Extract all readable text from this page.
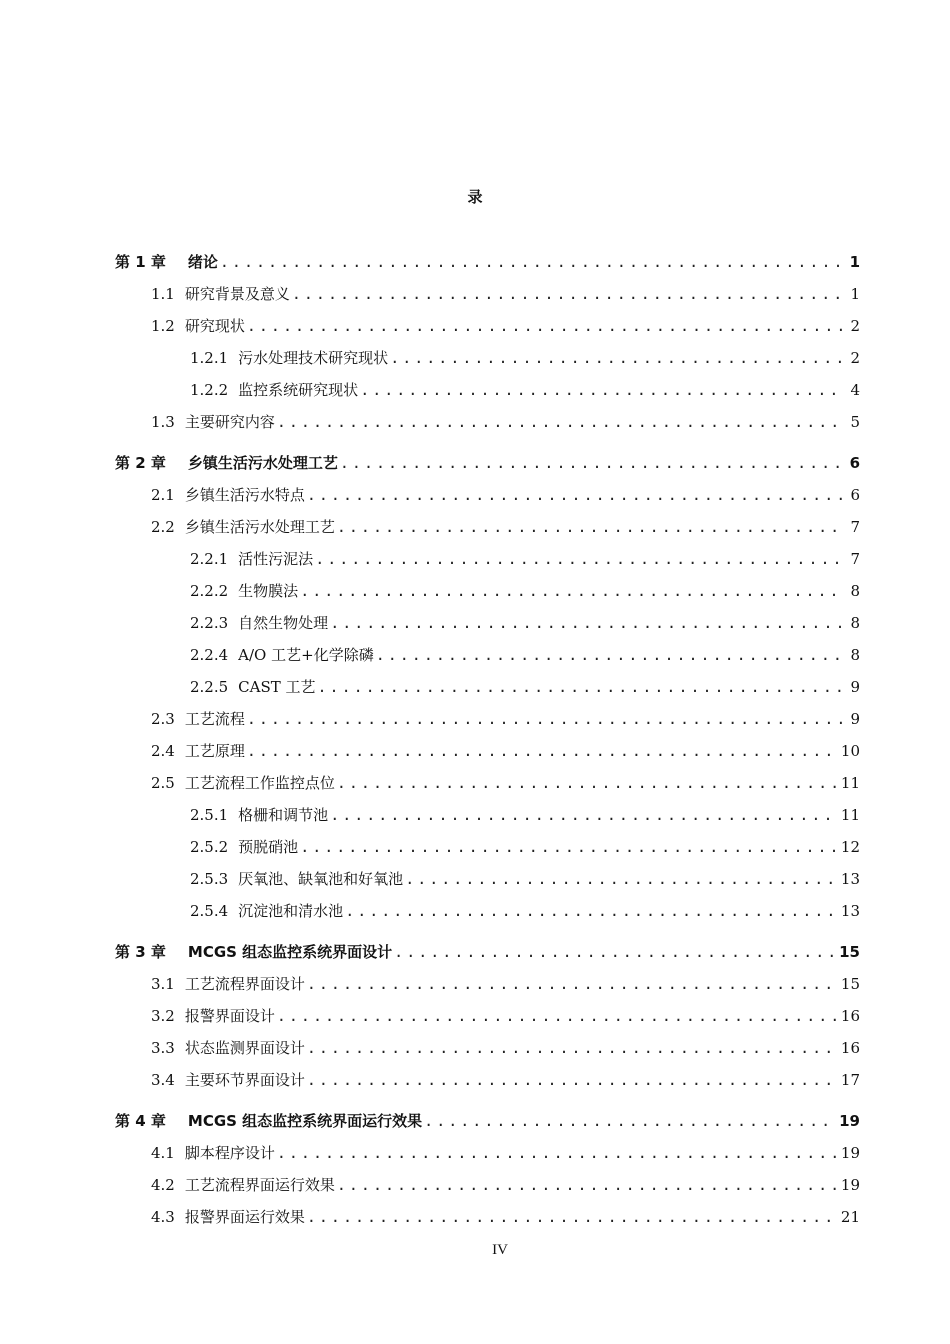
录
第 1 章 绪论 .....	1
1.1 研究背景及意义 .....	1
1.2 研究现状 .....	2
1.2.1 污水处理技术研究现状 .....	2
1.2.2 监控系统研究现状 .....	4
1.3 主要研究内容 .....	5
第 2 章 乡镇生活污水处理工艺 .....	6
2.1 乡镇生活污水特点 .....	6
2.2 乡镇生活污水处理工艺 .....	7
2.2.1 活性污泥法 .....	7
2.2.2 生物膜法 .....	8
2.2.3 自然生物处理 .....	8
2.2.4 A/O 工艺+化学除磷 .....	8
2.2.5 CAST 工艺 .....	9
2.3 工艺流程 .....	9
2.4 工艺原理 .....	10
2.5 工艺流程工作监控点位 .....	11
2.5.1 格栅和调节池 .....	11
2.5.2 预脱硝池 .....	12
2.5.3 厌氧池、缺氧池和好氧池 .....	13
2.5.4 沉淀池和清水池 .....	13
第 3 章 MCGS 组态监控系统界面设计 .....	15
3.1 工艺流程界面设计 .....	15
3.2 报警界面设计 .....	16
3.3 状态监测界面设计 .....	16
3.4 主要环节界面设计 .....	17
第 4 章 MCGS 组态监控系统界面运行效果 .....	19
4.1 脚本程序设计 .....	19
4.2 工艺流程界面运行效果 .....	19
4.3 报警界面运行效果 .....	21
IV
